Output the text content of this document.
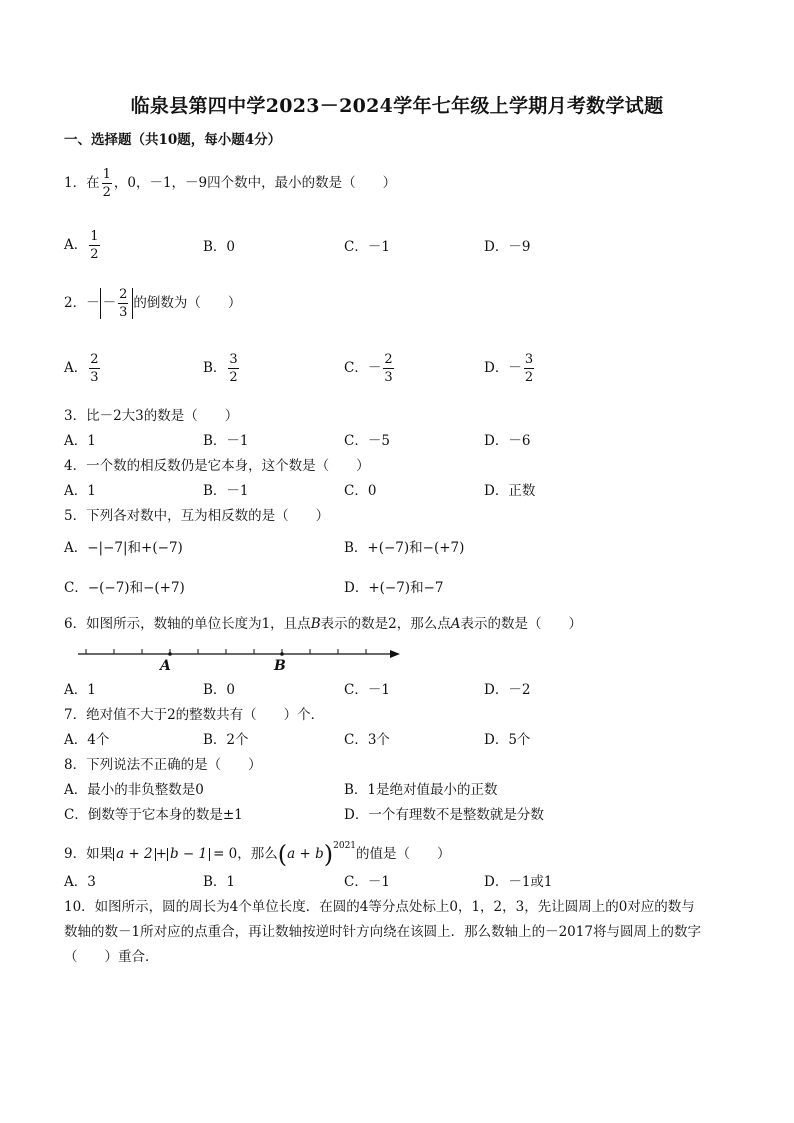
临泉县第四中学2023－2024学年七年级上学期月考数学试题
一、选择题（共10题，每小题4分）
1．在 $\frac{1}{2}$ ，0，－1，－9四个数中，最小的数是（　　）
A． $\frac{1}{2}$	B．0	C．－1	D．－9
2．－ － $\frac{2}{3}$ 的倒数为（　　）
A． $\frac{2}{3}$	B． $\frac{3}{2}$	C．－ $\frac{2}{3}$	D．－ $\frac{3}{2}$
3．比－2大3的数是（　　）
A．1	B．－1	C．－5	D．－6
4．一个数的相反数仍是它本身，这个数是（　　）
A．1	B．－1	C．0	D．正数
5．下列各对数中，互为相反数的是（　　）
A．−|−7|和+(−7)	B．+(−7)和−(+7)
C．−(−7)和−(+7)	D．+(−7)和−7
6．如图所示，数轴的单位长度为1，且点B表示的数是2，那么点A表示的数是（　　）
A	B
A．1	B．0	C．－1	D．－2
7．绝对值不大于2的整数共有（　　）个．
A．4个	B．2个	C．3个	D．5个
8．下列说法不正确的是（　　）
A．最小的非负整数是0	B．1是绝对值最小的正数
C．倒数等于它本身的数是±1	D．一个有理数不是整数就是分数
9．如果 a + 2 + b − 1 = 0，那么$(a + b)^{2021}$的值是（　　）
A．3	B．1	C．－1	D．－1或1
10．如图所示，圆的周长为4个单位长度．在圆的4等分点处标上0，1，2，3，先让圆周上的0对应的数与
数轴的数－1所对应的点重合，再让数轴按逆时针方向绕在该圆上．那么数轴上的－2017将与圆周上的数字
（　　）重合．
